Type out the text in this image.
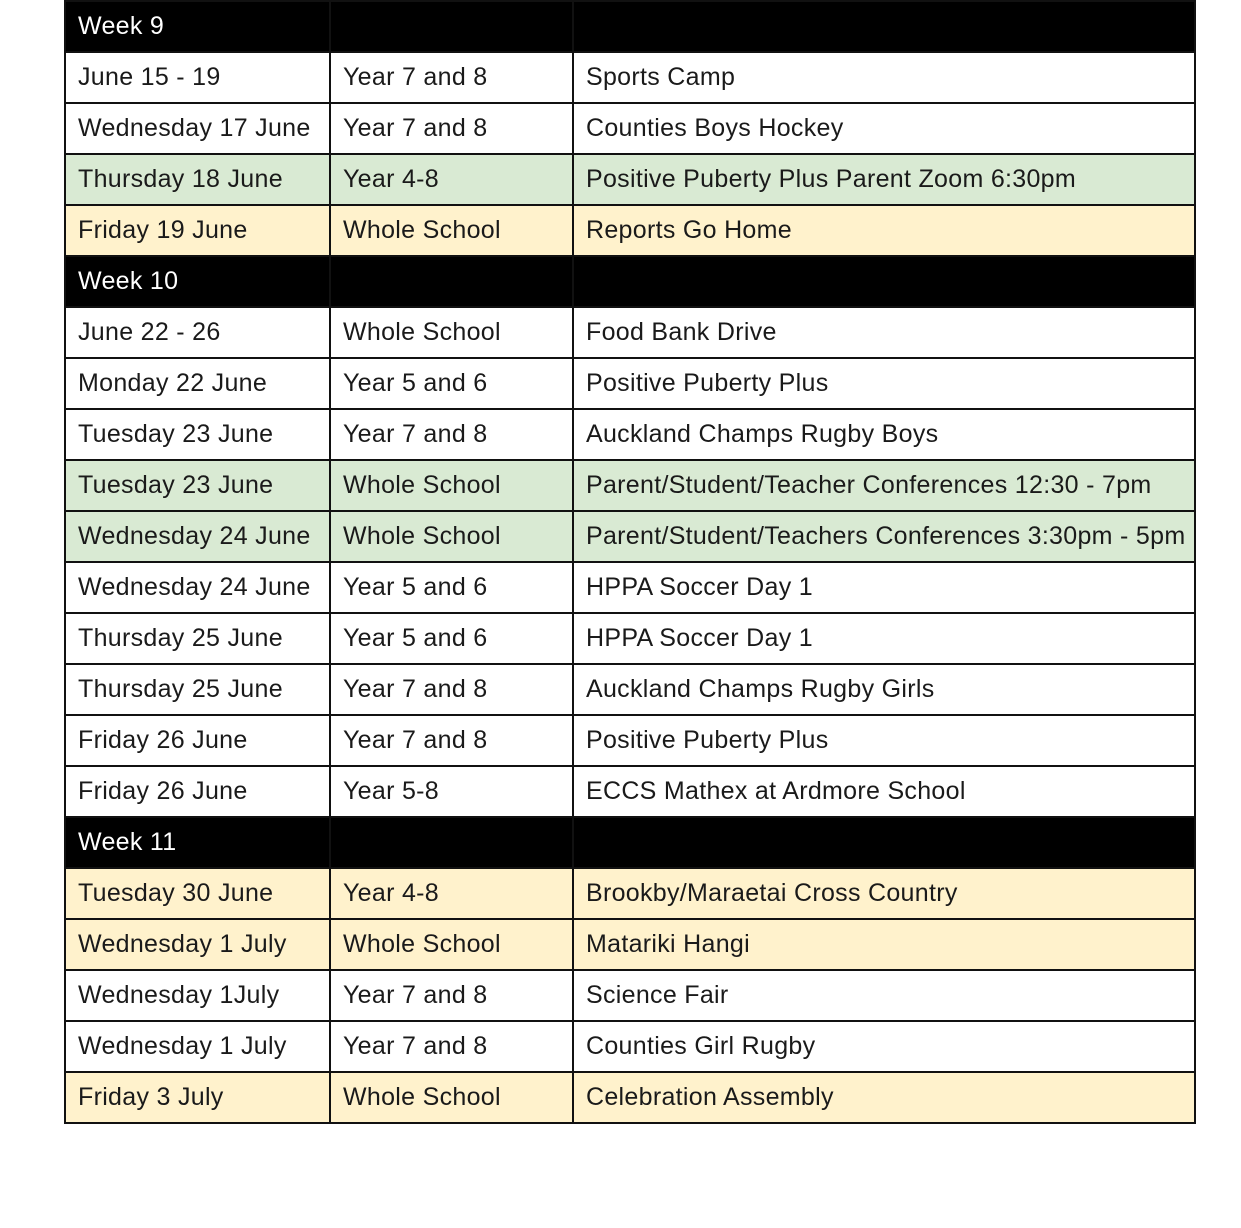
Week 9		
June 15 - 19	Year 7 and 8	Sports Camp
Wednesday 17 June	Year 7 and 8	Counties Boys Hockey
Thursday 18 June	Year 4-8	Positive Puberty Plus Parent Zoom 6:30pm
Friday 19 June	Whole School	Reports Go Home
Week 10		
June 22 - 26	Whole School	Food Bank Drive
Monday 22 June	Year 5 and 6	Positive Puberty Plus
Tuesday 23 June	Year 7 and 8	Auckland Champs Rugby Boys
Tuesday 23 June	Whole School	Parent/Student/Teacher Conferences 12:30 - 7pm
Wednesday 24 June	Whole School	Parent/Student/Teachers Conferences 3:30pm - 5pm
Wednesday 24 June	Year 5 and 6	HPPA Soccer Day 1
Thursday 25 June	Year 5 and 6	HPPA Soccer Day 1
Thursday 25 June	Year 7 and 8	Auckland Champs Rugby Girls
Friday 26 June	Year 7 and 8	Positive Puberty Plus
Friday 26 June	Year 5-8	ECCS Mathex at Ardmore School
Week 11		
Tuesday 30 June	Year 4-8	Brookby/Maraetai Cross Country
Wednesday 1 July	Whole School	Matariki Hangi
Wednesday 1July	Year 7 and 8	Science Fair
Wednesday 1 July	Year 7 and 8	Counties Girl Rugby
Friday 3 July	Whole School	Celebration Assembly
